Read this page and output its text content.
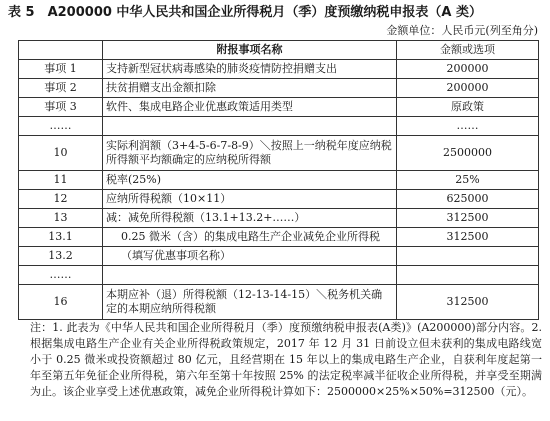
表 5　A200000 中华人民共和国企业所得税月（季）度预缴纳税申报表（A 类）
金额单位：人民币元(列至角分)
	附报事项名称	金额或选项
事项 1	支持新型冠状病毒感染的肺炎疫情防控捐赠支出	200000
事项 2	扶贫捐赠支出金额扣除	200000
事项 3	软件、集成电路企业优惠政策适用类型	原政策
……		……
10	实际利润额（3+4-5-6-7-8-9）＼按照上一纳税年度应纳税所得额平均额确定的应纳税所得额	2500000
11	税率(25%)	25%
12	应纳所得税额（10×11）	625000
13	减：减免所得税额（13.1+13.2+……）	312500
13.1	0.25 微米（含）的集成电路生产企业减免企业所得税	312500
13.2	（填写优惠事项名称）	
……		
16	本期应补（退）所得税额（12-13-14-15）＼税务机关确定的本期应纳所得税额	312500
注：1. 此表为《中华人民共和国企业所得税月（季）度预缴纳税申报表(A类)》(A200000)部分内容。2. 根据集成电路生产企业有关企业所得税政策规定，2017 年 12 月 31 日前设立但未获利的集成电路线宽小于 0.25 微米或投资额超过 80 亿元，且经营期在 15 年以上的集成电路生产企业，自获利年度起第一年至第五年免征企业所得税，第六年至第十年按照 25% 的法定税率减半征收企业所得税，并享受至期满为止。该企业享受上述优惠政策，减免企业所得税计算如下：2500000×25%×50%=312500（元）。
